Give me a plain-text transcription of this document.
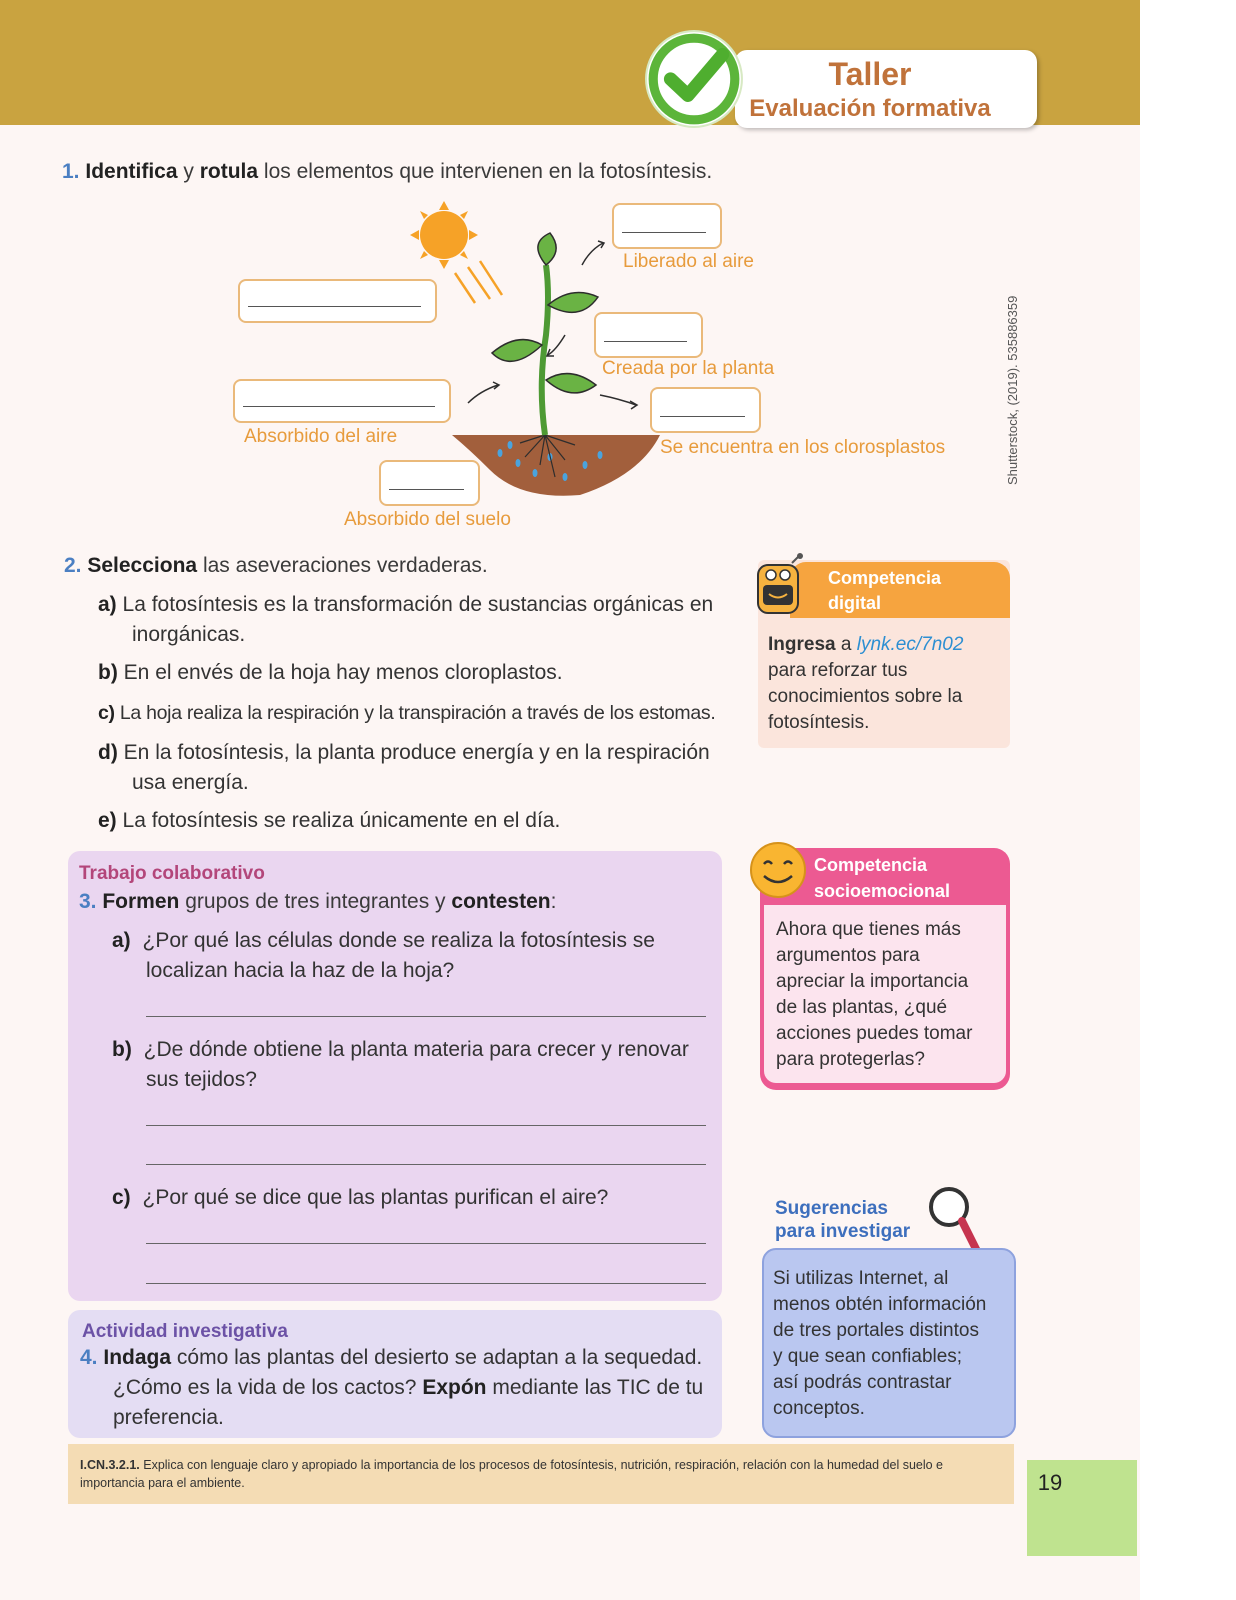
Taller
Evaluación formativa
1. Identifica y rotula los elementos que intervienen en la fotosíntesis.
Liberado al aire
Creada por la planta
Absorbido del aire
Se encuentra en los clorosplastos
Absorbido del suelo
2. Selecciona las aseveraciones verdaderas.
a) La fotosíntesis es la transformación de sustancias orgánicas en
inorgánicas.
b) En el envés de la hoja hay menos cloroplastos.
c) La hoja realiza la respiración y la transpiración a través de los estomas.
d) En la fotosíntesis, la planta produce energía y en la respiración
usa energía.
e) La fotosíntesis se realiza únicamente en el día.
Trabajo colaborativo
3. Formen grupos de tres integrantes y contesten:
a) ¿Por qué las células donde se realiza la fotosíntesis se
localizan hacia la haz de la hoja?
b) ¿De dónde obtiene la planta materia para crecer y renovar
sus tejidos?
c) ¿Por qué se dice que las plantas purifican el aire?
Actividad investigativa
4. Indaga cómo las plantas del desierto se adaptan a la sequedad.
¿Cómo es la vida de los cactos? Expón mediante las TIC de tu
preferencia.
Competencia
digital
Ingresa a lynk.ec/7n02
para reforzar tus
conocimientos sobre la
fotosíntesis.
Competencia
socioemocional
Ahora que tienes más
argumentos para
apreciar la importancia
de las plantas, ¿qué
acciones puedes tomar
para protegerlas?
Sugerencias
para investigar
Si utilizas Internet, al
menos obtén información
de tres portales distintos
y que sean confiables;
así podrás contrastar
conceptos.
I.CN.3.2.1. Explica con lenguaje claro y apropiado la importancia de los procesos de fotosíntesis, nutrición, respiración, relación con la humedad del suelo e
importancia para el ambiente.	19
